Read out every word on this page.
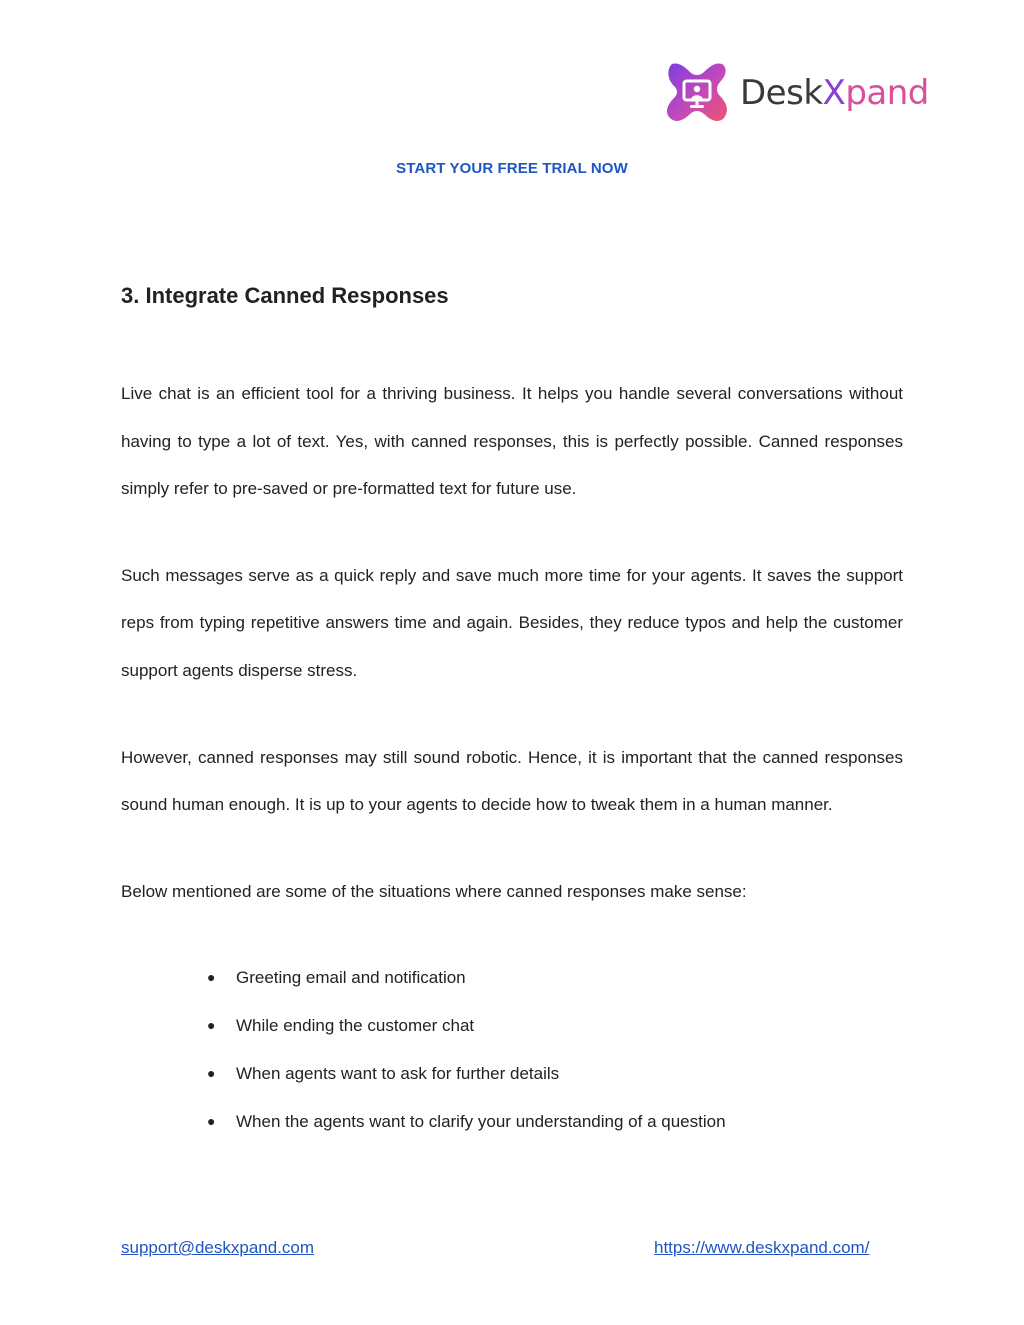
DeskXpand
START YOUR FREE TRIAL NOW
3. Integrate Canned Responses

Live chat is an efficient tool for a thriving business. It helps you handle several conversations without having to type a lot of text. Yes, with canned responses, this is perfectly possible. Canned responses simply refer to pre-saved or pre-formatted text for future use.

Such messages serve as a quick reply and save much more time for your agents. It saves the support reps from typing repetitive answers time and again. Besides, they reduce typos and help the customer support agents disperse stress.

However, canned responses may still sound robotic. Hence, it is important that the canned responses sound human enough. It is up to your agents to decide how to tweak them in a human manner.

Below mentioned are some of the situations where canned responses make sense:

● Greeting email and notification
● While ending the customer chat
● When agents want to ask for further details
● When the agents want to clarify your understanding of a question
support@deskxpand.com	https://www.deskxpand.com/
